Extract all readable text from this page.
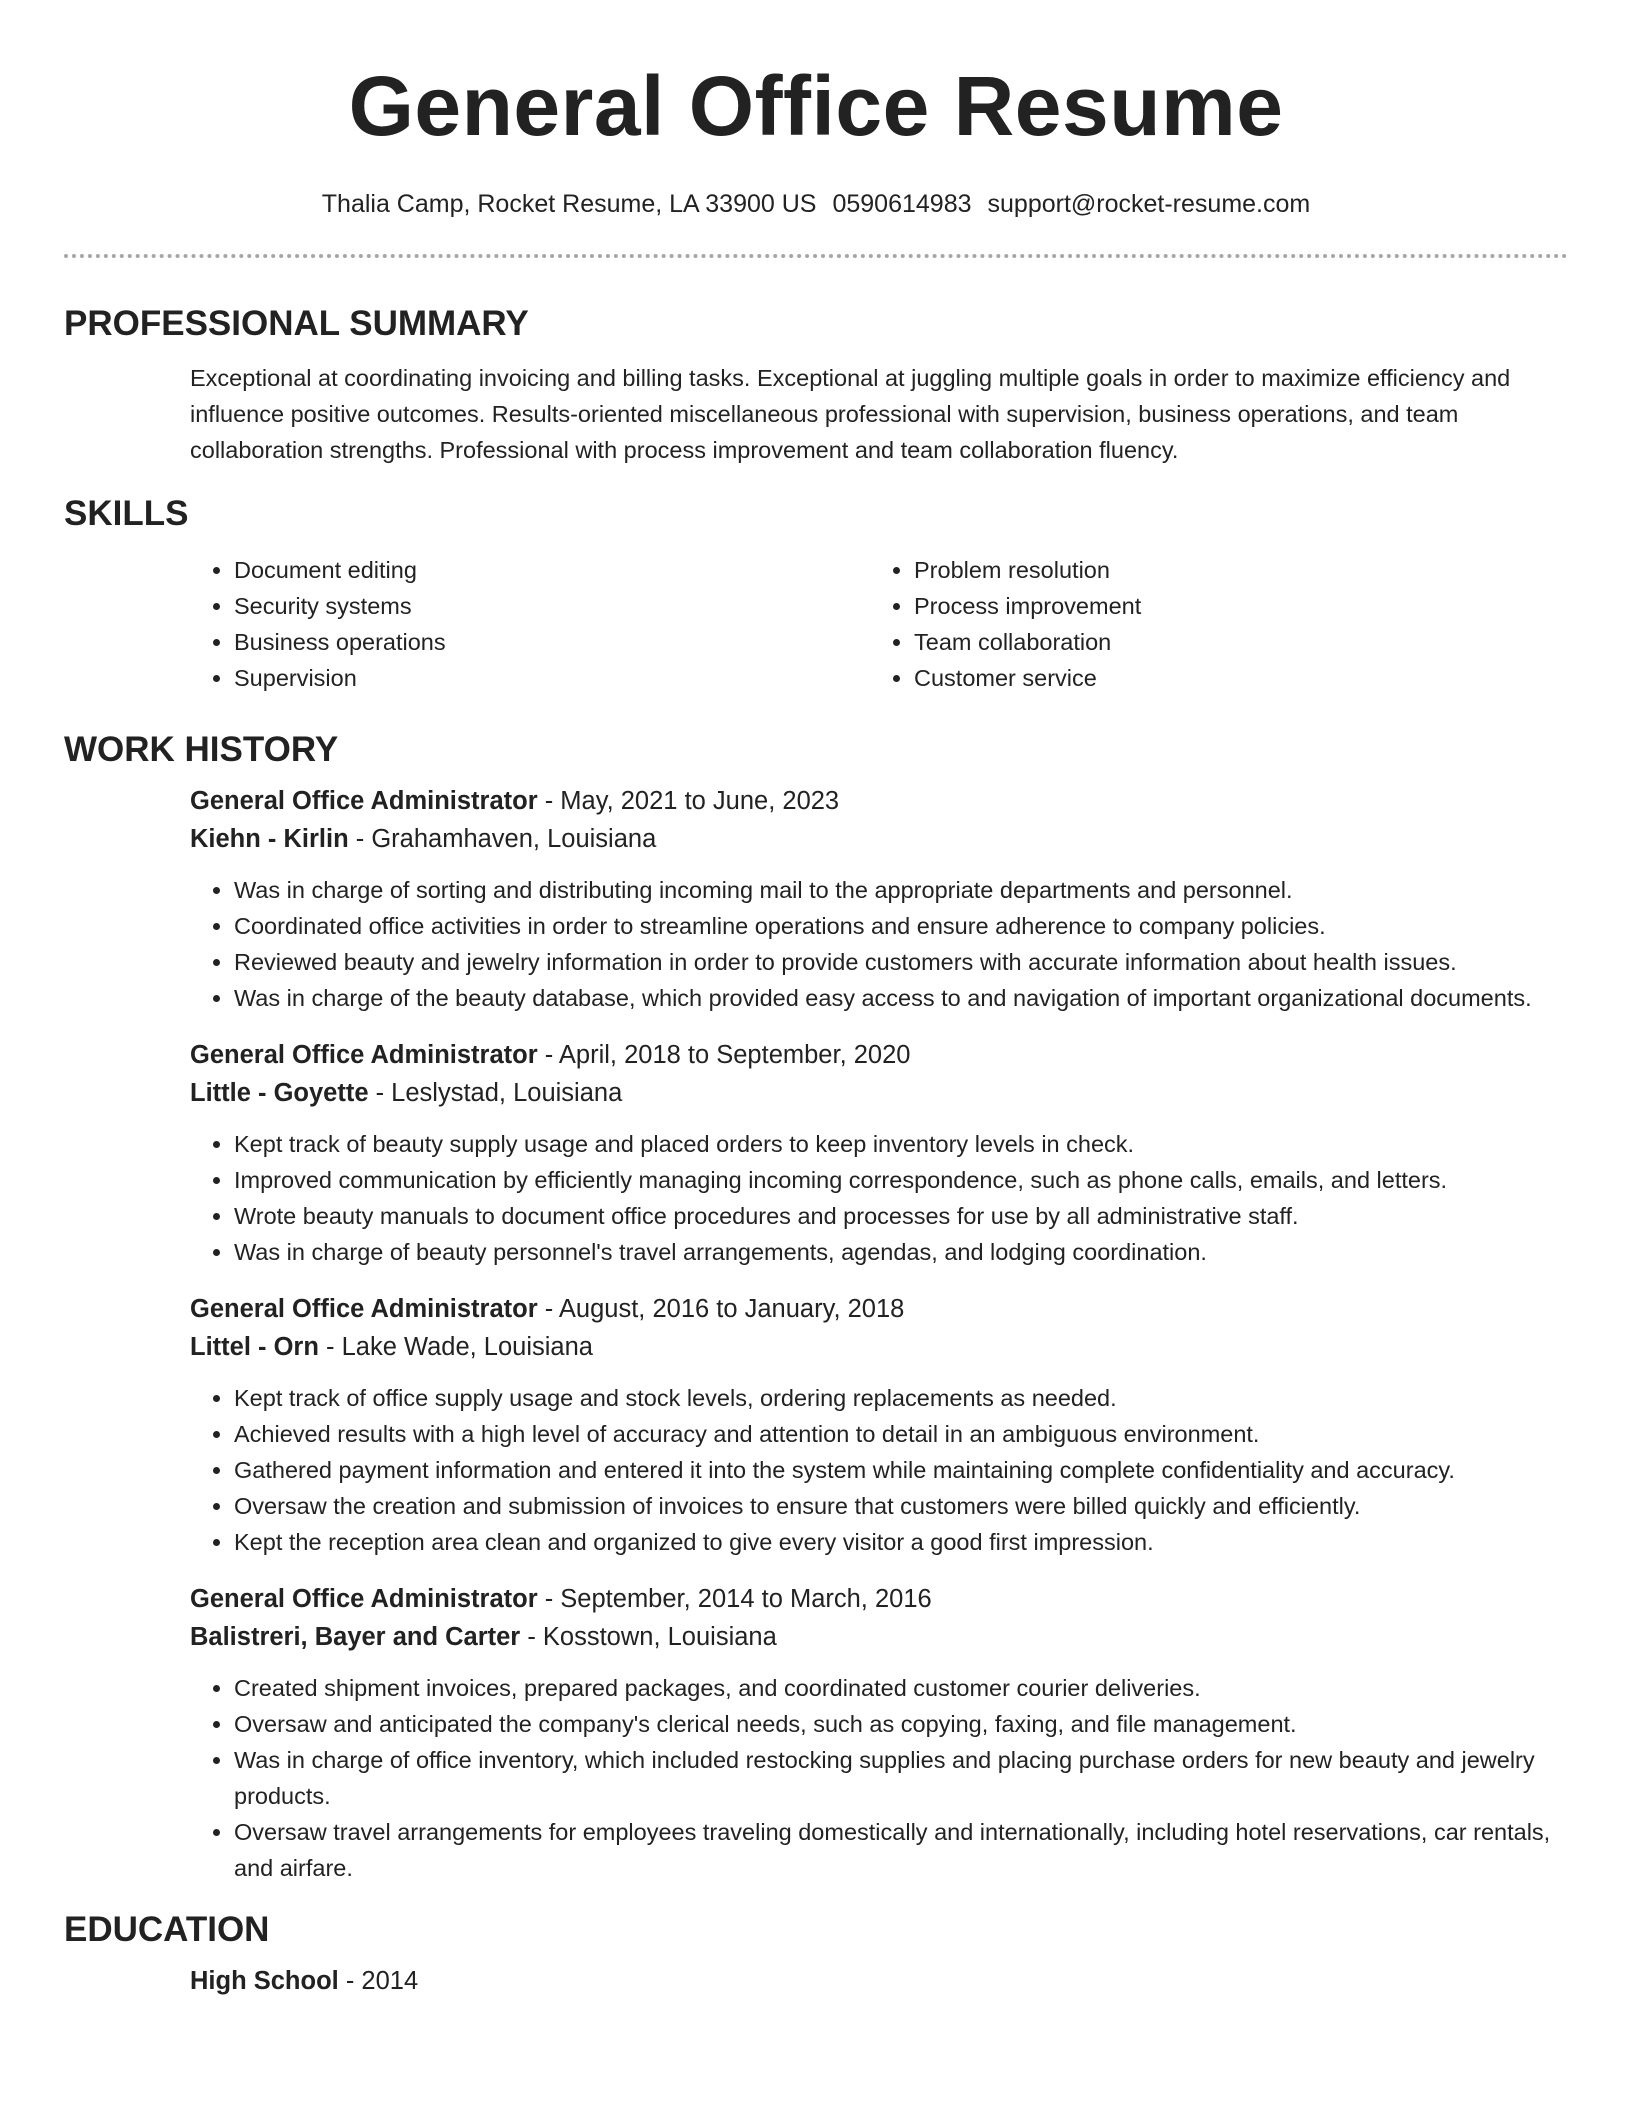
General Office Resume
Thalia Camp, Rocket Resume, LA 33900 US 0590614983 support@rocket-resume.com
PROFESSIONAL SUMMARY
Exceptional at coordinating invoicing and billing tasks. Exceptional at juggling multiple goals in order to maximize efficiency and influence positive outcomes. Results-oriented miscellaneous professional with supervision, business operations, and team collaboration strengths. Professional with process improvement and team collaboration fluency.
SKILLS
• Document editing
• Security systems
• Business operations
• Supervision
• Problem resolution
• Process improvement
• Team collaboration
• Customer service
WORK HISTORY
General Office Administrator - May, 2021 to June, 2023
Kiehn - Kirlin - Grahamhaven, Louisiana
• Was in charge of sorting and distributing incoming mail to the appropriate departments and personnel.
• Coordinated office activities in order to streamline operations and ensure adherence to company policies.
• Reviewed beauty and jewelry information in order to provide customers with accurate information about health issues.
• Was in charge of the beauty database, which provided easy access to and navigation of important organizational documents.
General Office Administrator - April, 2018 to September, 2020
Little - Goyette - Leslystad, Louisiana
• Kept track of beauty supply usage and placed orders to keep inventory levels in check.
• Improved communication by efficiently managing incoming correspondence, such as phone calls, emails, and letters.
• Wrote beauty manuals to document office procedures and processes for use by all administrative staff.
• Was in charge of beauty personnel's travel arrangements, agendas, and lodging coordination.
General Office Administrator - August, 2016 to January, 2018
Littel - Orn - Lake Wade, Louisiana
• Kept track of office supply usage and stock levels, ordering replacements as needed.
• Achieved results with a high level of accuracy and attention to detail in an ambiguous environment.
• Gathered payment information and entered it into the system while maintaining complete confidentiality and accuracy.
• Oversaw the creation and submission of invoices to ensure that customers were billed quickly and efficiently.
• Kept the reception area clean and organized to give every visitor a good first impression.
General Office Administrator - September, 2014 to March, 2016
Balistreri, Bayer and Carter - Kosstown, Louisiana
• Created shipment invoices, prepared packages, and coordinated customer courier deliveries.
• Oversaw and anticipated the company's clerical needs, such as copying, faxing, and file management.
• Was in charge of office inventory, which included restocking supplies and placing purchase orders for new beauty and jewelry products.
• Oversaw travel arrangements for employees traveling domestically and internationally, including hotel reservations, car rentals, and airfare.
EDUCATION
High School - 2014
